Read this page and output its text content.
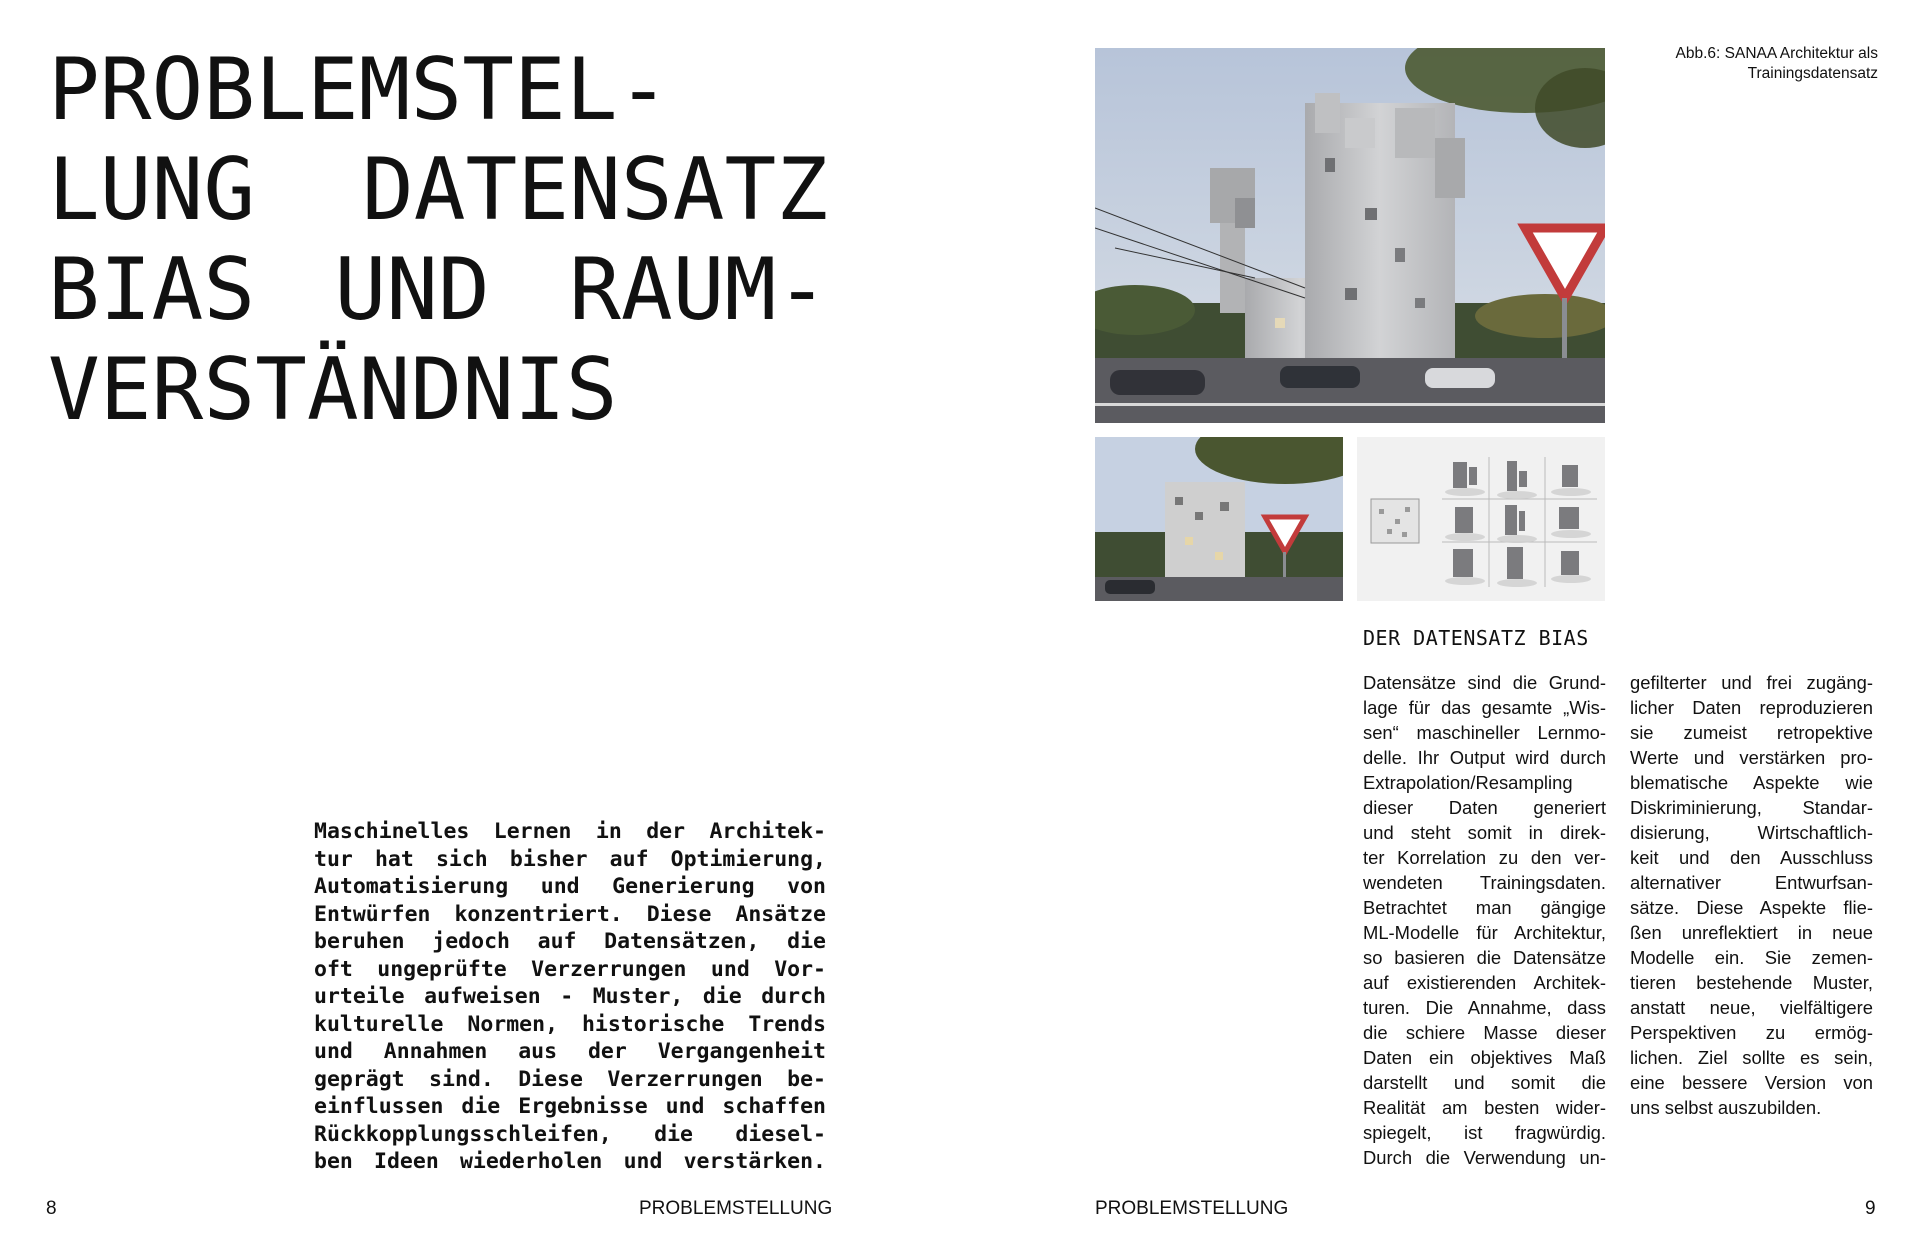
PROBLEMSTEL-
LUNG DATENSATZ
BIAS UND RAUM-
VERSTÄNDNIS
Maschinelles Lernen in der Architek-
tur hat sich bisher auf Optimierung,
Automatisierung und Generierung von
Entwürfen konzentriert. Diese Ansätze
beruhen jedoch auf Datensätzen, die
oft ungeprüfte Verzerrungen und Vor-
urteile aufweisen - Muster, die durch
kulturelle Normen, historische Trends
und Annahmen aus der Vergangenheit
geprägt sind. Diese Verzerrungen be-
einflussen die Ergebnisse und schaffen
Rückkopplungsschleifen, die diesel-
ben Ideen wiederholen und verstärken.
8	PROBLEMSTELLUNG
Abb.6: SANAA Architektur als
Trainingsdatensatz
DER DATENSATZ BIAS
Datensätze sind die Grund-
lage für das gesamte „Wis-
sen“ maschineller Lernmo-
delle. Ihr Output wird durch
Extrapolation/Resampling
dieser Daten generiert
und steht somit in direk-
ter Korrelation zu den ver-
wendeten Trainingsdaten.
Betrachtet man gängige
ML-Modelle für Architektur,
so basieren die Datensätze
auf existierenden Architek-
turen. Die Annahme, dass
die schiere Masse dieser
Daten ein objektives Maß
darstellt und somit die
Realität am besten wider-
spiegelt, ist fragwürdig.
Durch die Verwendung un-
gefilterter und frei zugäng-
licher Daten reproduzieren
sie zumeist retropektive
Werte und verstärken pro-
blematische Aspekte wie
Diskriminierung, Standar-
disierung, Wirtschaftlich-
keit und den Ausschluss
alternativer Entwurfsan-
sätze. Diese Aspekte flie-
ßen unreflektiert in neue
Modelle ein. Sie zemen-
tieren bestehende Muster,
anstatt neue, vielfältigere
Perspektiven zu ermög-
lichen. Ziel sollte es sein,
eine bessere Version von
uns selbst auszubilden.
PROBLEMSTELLUNG	9
